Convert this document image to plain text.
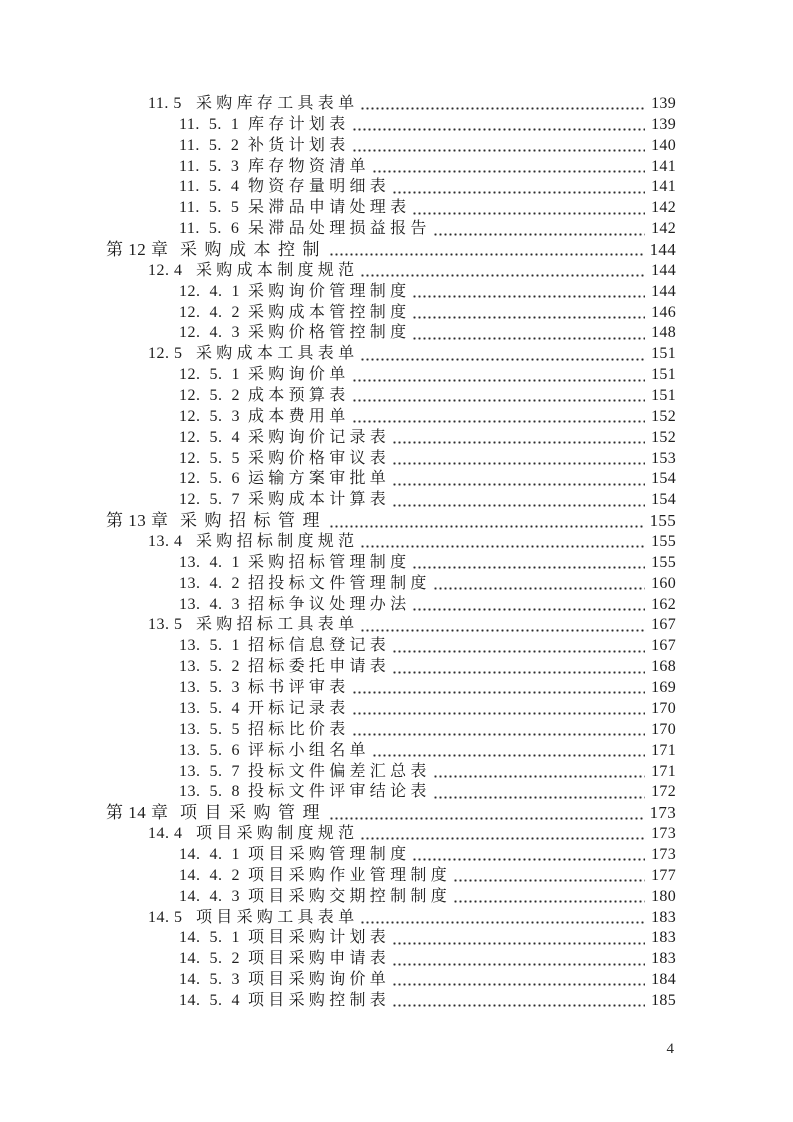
11. 5 采购库存工具表单	139
11.  5.  1 库存计划表	139
11.  5.  2 补货计划表	140
11.  5.  3 库存物资清单	141
11.  5.  4 物资存量明细表	141
11.  5.  5 呆滞品申请处理表	142
11.  5.  6 呆滞品处理损益报告	142
第 12 章 采购成本控制	144
12. 4 采购成本制度规范	144
12.  4.  1 采购询价管理制度	144
12.  4.  2 采购成本管控制度	146
12.  4.  3 采购价格管控制度	148
12. 5 采购成本工具表单	151
12.  5.  1 采购询价单	151
12.  5.  2 成本预算表	151
12.  5.  3 成本费用单	152
12.  5.  4 采购询价记录表	152
12.  5.  5 采购价格审议表	153
12.  5.  6 运输方案审批单	154
12.  5.  7 采购成本计算表	154
第 13 章 采购招标管理	155
13. 4 采购招标制度规范	155
13.  4.  1 采购招标管理制度	155
13.  4.  2 招投标文件管理制度	160
13.  4.  3 招标争议处理办法	162
13. 5 采购招标工具表单	167
13.  5.  1 招标信息登记表	167
13.  5.  2 招标委托申请表	168
13.  5.  3 标书评审表	169
13.  5.  4 开标记录表	170
13.  5.  5 招标比价表	170
13.  5.  6 评标小组名单	171
13.  5.  7 投标文件偏差汇总表	171
13.  5.  8 投标文件评审结论表	172
第 14 章 项目采购管理	173
14. 4 项目采购制度规范	173
14.  4.  1 项目采购管理制度	173
14.  4.  2 项目采购作业管理制度	177
14.  4.  3 项目采购交期控制制度	180
14. 5 项目采购工具表单	183
14.  5.  1 项目采购计划表	183
14.  5.  2 项目采购申请表	183
14.  5.  3 项目采购询价单	184
14.  5.  4 项目采购控制表	185
4
